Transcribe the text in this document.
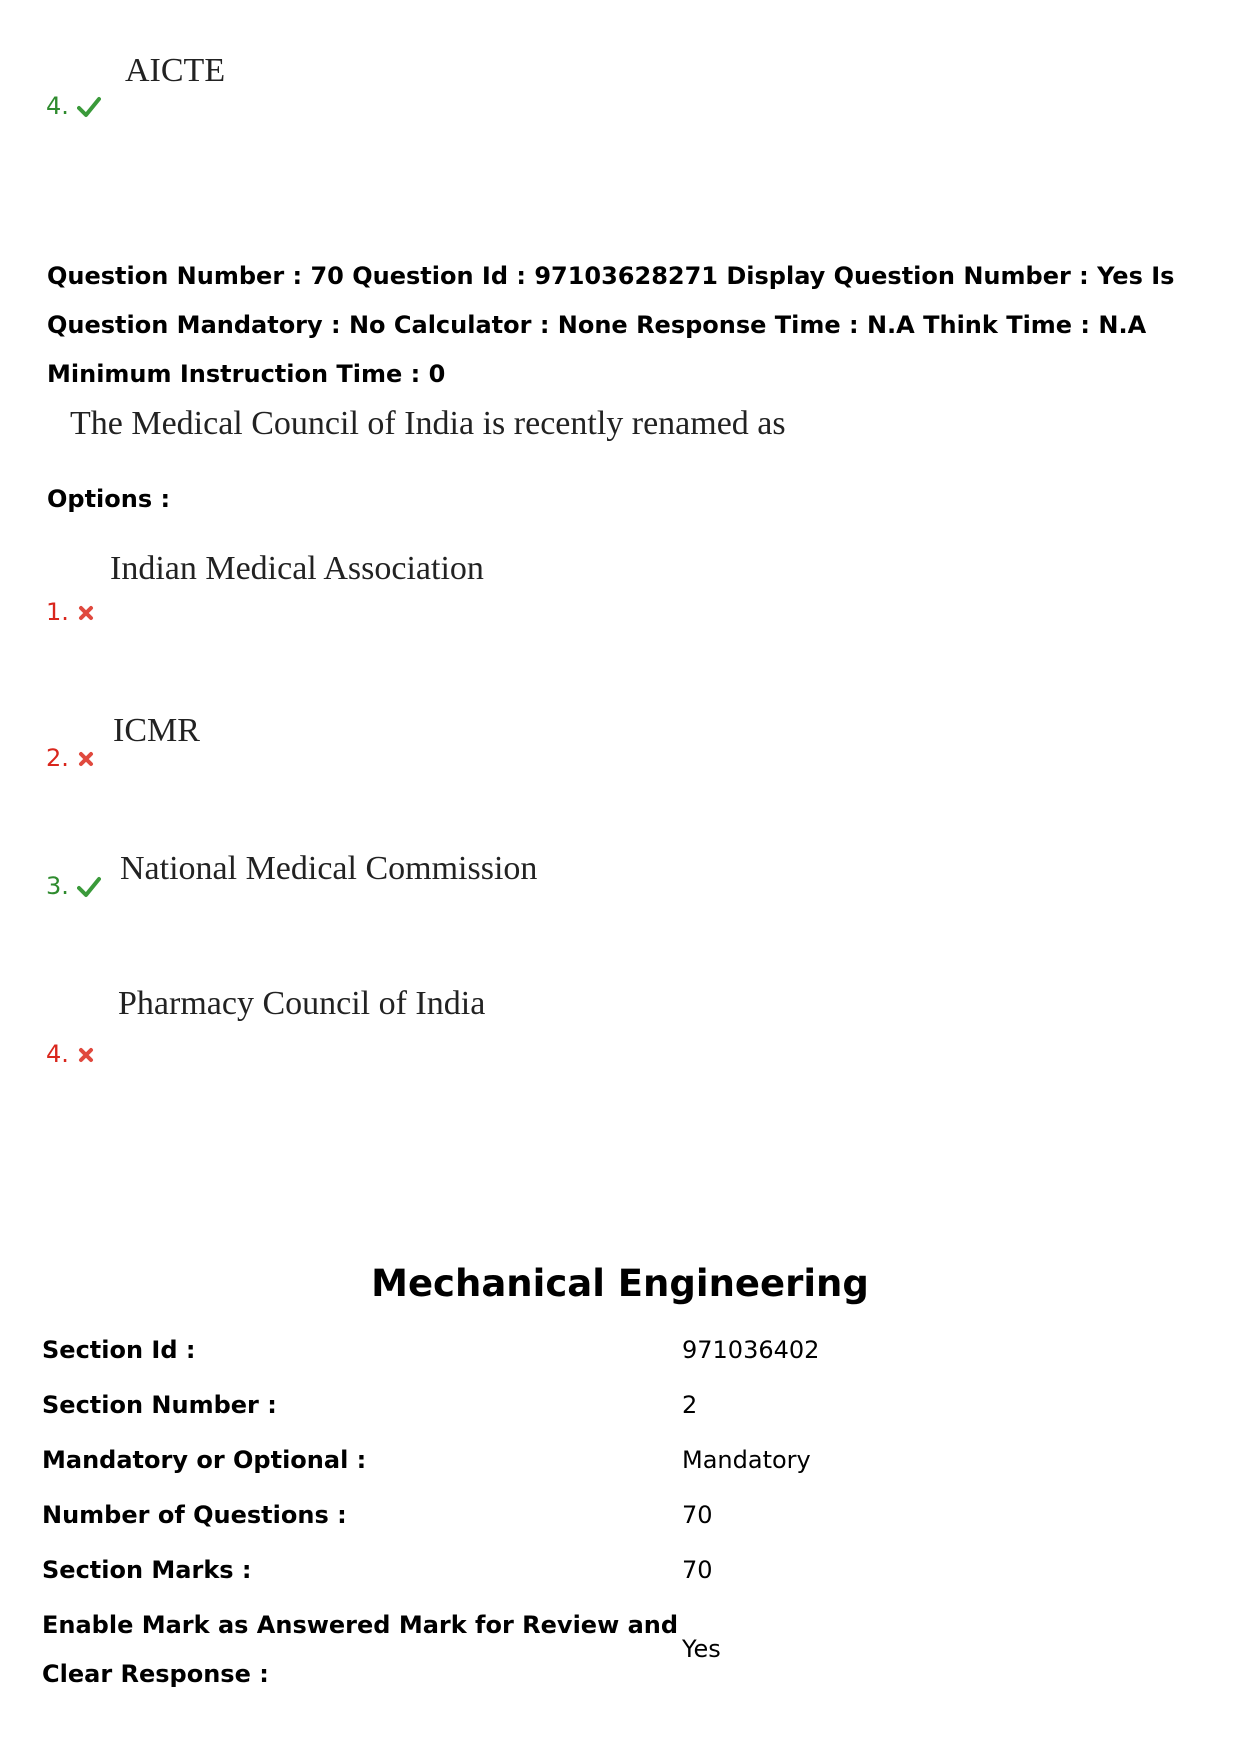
AICTE
4.
Question Number : 70 Question Id : 97103628271 Display Question Number : Yes Is Question Mandatory : No Calculator : None Response Time : N.A Think Time : N.A Minimum Instruction Time : 0
The Medical Council of India is recently renamed as
Options :
Indian Medical Association
1.
ICMR
2.
National Medical Commission
3.
Pharmacy Council of India
4.
Mechanical Engineering
Section Id :	971036402
Section Number :	2
Mandatory or Optional :	Mandatory
Number of Questions :	70
Section Marks :	70
Enable Mark as Answered Mark for Review and
Clear Response :
Yes
